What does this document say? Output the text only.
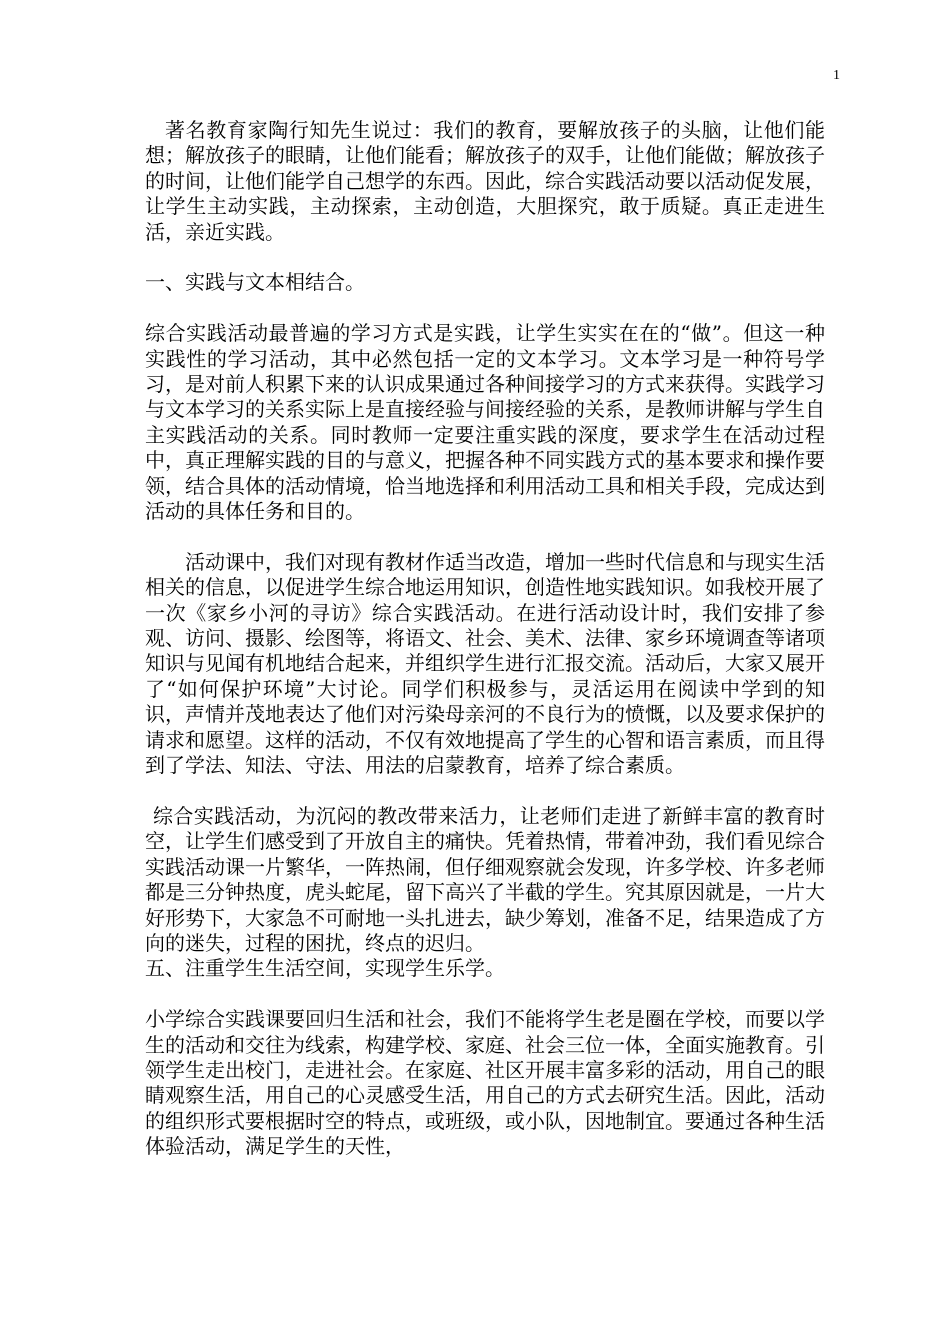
1

著名教育家陶行知先生说过：我们的教育，要解放孩子的头脑，让他们能想；解放孩子的眼睛，让他们能看；解放孩子的双手，让他们能做；解放孩子的时间，让他们能学自己想学的东西。因此，综合实践活动要以活动促发展，让学生主动实践，主动探索，主动创造，大胆探究，敢于质疑。真正走进生活，亲近实践。

一、实践与文本相结合。

综合实践活动最普遍的学习方式是实践，让学生实实在在的“做”。但这一种实践性的学习活动，其中必然包括一定的文本学习。文本学习是一种符号学习，是对前人积累下来的认识成果通过各种间接学习的方式来获得。实践学习与文本学习的关系实际上是直接经验与间接经验的关系，是教师讲解与学生自主实践活动的关系。同时教师一定要注重实践的深度，要求学生在活动过程中，真正理解实践的目的与意义，把握各种不同实践方式的基本要求和操作要领，结合具体的活动情境，恰当地选择和利用活动工具和相关手段，完成达到活动的具体任务和目的。

活动课中，我们对现有教材作适当改造，增加一些时代信息和与现实生活相关的信息，以促进学生综合地运用知识，创造性地实践知识。如我校开展了一次《家乡小河的寻访》综合实践活动。在进行活动设计时，我们安排了参观、访问、摄影、绘图等，将语文、社会、美术、法律、家乡环境调查等诸项知识与见闻有机地结合起来，并组织学生进行汇报交流。活动后，大家又展开了“如何保护环境”大讨论。同学们积极参与，灵活运用在阅读中学到的知识，声情并茂地表达了他们对污染母亲河的不良行为的愤慨，以及要求保护的请求和愿望。这样的活动，不仅有效地提高了学生的心智和语言素质，而且得到了学法、知法、守法、用法的启蒙教育，培养了综合素质。

综合实践活动，为沉闷的教改带来活力，让老师们走进了新鲜丰富的教育时空，让学生们感受到了开放自主的痛快。凭着热情，带着冲劲，我们看见综合实践活动课一片繁华，一阵热闹，但仔细观察就会发现，许多学校、许多老师都是三分钟热度，虎头蛇尾，留下高兴了半截的学生。究其原因就是，一片大好形势下，大家急不可耐地一头扎进去，缺少筹划，准备不足，结果造成了方向的迷失，过程的困扰，终点的迟归。

五、注重学生生活空间，实现学生乐学。

小学综合实践课要回归生活和社会，我们不能将学生老是圈在学校，而要以学生的活动和交往为线索，构建学校、家庭、社会三位一体，全面实施教育。引领学生走出校门，走进社会。在家庭、社区开展丰富多彩的活动，用自己的眼睛观察生活，用自己的心灵感受生活，用自己的方式去研究生活。因此，活动的组织形式要根据时空的特点，或班级，或小队，因地制宜。要通过各种生活体验活动，满足学生的天性，
